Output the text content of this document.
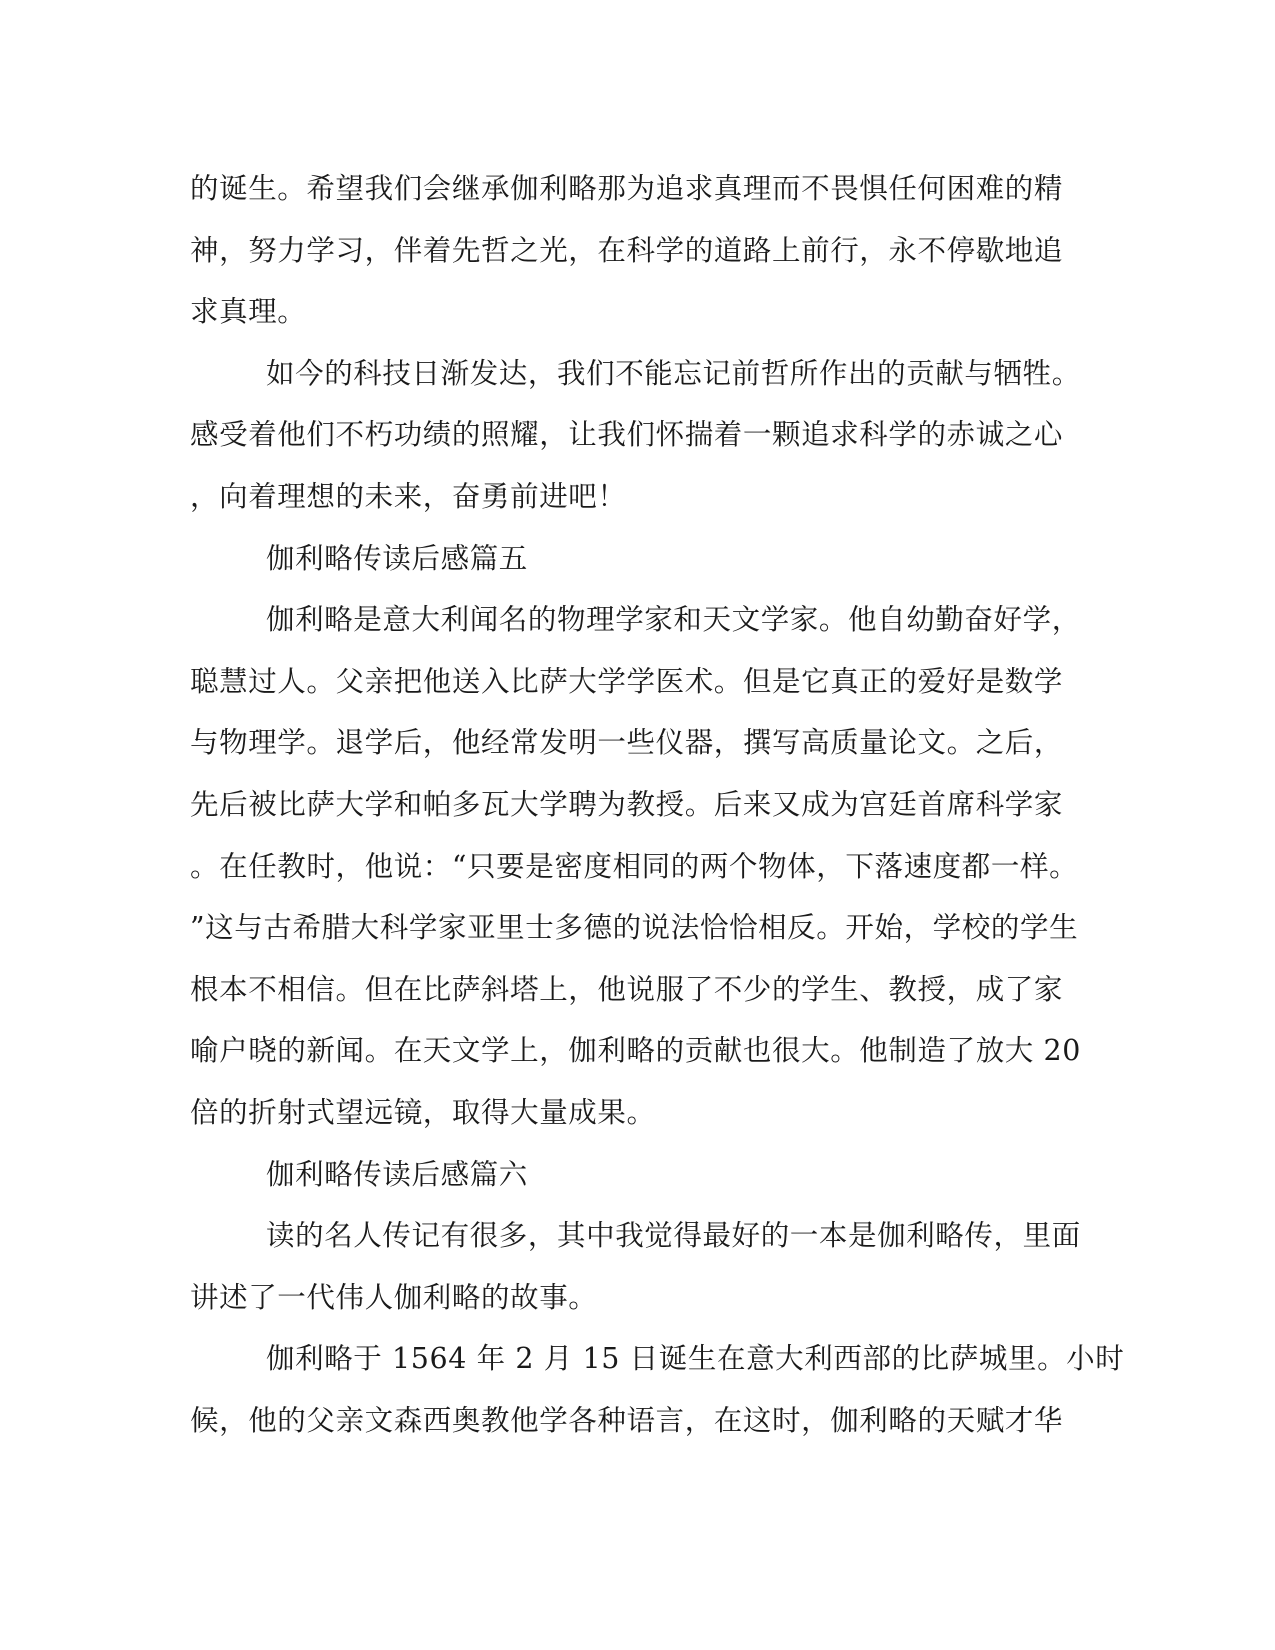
的诞生。希望我们会继承伽利略那为追求真理而不畏惧任何困难的精
神，努力学习，伴着先哲之光，在科学的道路上前行，永不停歇地追
求真理。
如今的科技日渐发达，我们不能忘记前哲所作出的贡献与牺牲。
感受着他们不朽功绩的照耀，让我们怀揣着一颗追求科学的赤诚之心
，向着理想的未来，奋勇前进吧！
伽利略传读后感篇五
伽利略是意大利闻名的物理学家和天文学家。他自幼勤奋好学，
聪慧过人。父亲把他送入比萨大学学医术。但是它真正的爱好是数学
与物理学。退学后，他经常发明一些仪器，撰写高质量论文。之后，
先后被比萨大学和帕多瓦大学聘为教授。后来又成为宫廷首席科学家
。在任教时，他说：“只要是密度相同的两个物体，下落速度都一样。
”这与古希腊大科学家亚里士多德的说法恰恰相反。开始，学校的学生
根本不相信。但在比萨斜塔上，他说服了不少的学生、教授，成了家
喻户晓的新闻。在天文学上，伽利略的贡献也很大。他制造了放大 20
倍的折射式望远镜，取得大量成果。
伽利略传读后感篇六
读的名人传记有很多，其中我觉得最好的一本是伽利略传，里面
讲述了一代伟人伽利略的故事。
伽利略于 1564 年 2 月 15 日诞生在意大利西部的比萨城里。小时
候，他的父亲文森西奥教他学各种语言，在这时，伽利略的天赋才华
